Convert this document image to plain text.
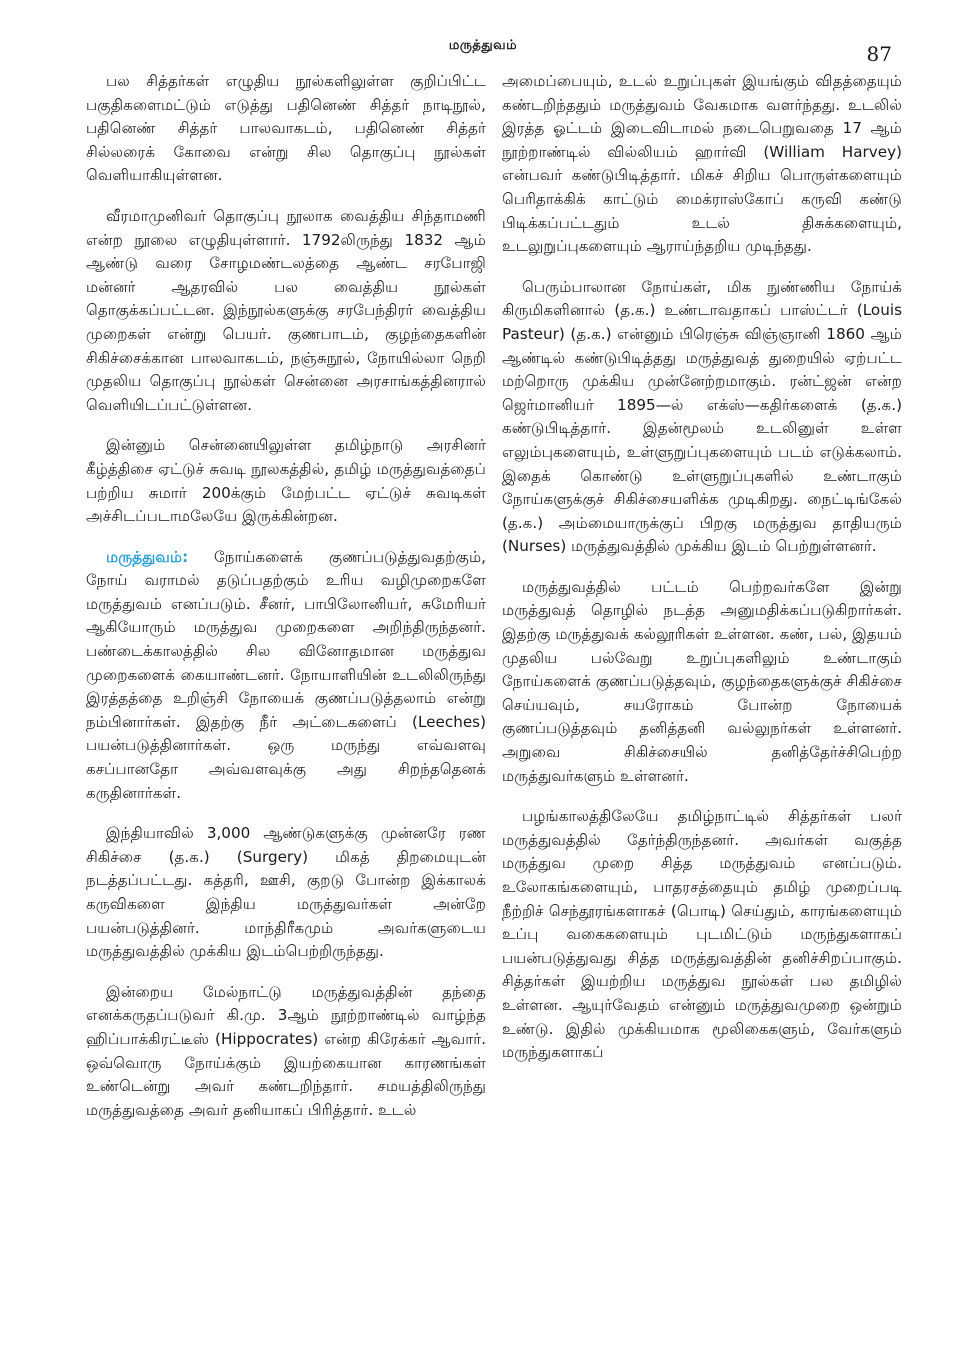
மருத்துவம்	87

பல சித்தர்கள் எழுதிய நூல்களிலுள்ள குறிப்பிட்ட பகுதிகளைமட்டும் எடுத்து பதினெண் சித்தர் நாடிநூல், பதினெண் சித்தர் பாலவாகடம், பதினெண் சித்தர் சில்லரைக் கோவை என்று சில தொகுப்பு நூல்கள் வெளியாகியுள்ளன.

வீரமாமுனிவர் தொகுப்பு நூலாக வைத்திய சிந்தாமணி என்ற நூலை எழுதியுள்ளார். 1792லிருந்து 1832 ஆம் ஆண்டு வரை சோழமண்டலத்தை ஆண்ட சரபோஜி மன்னர் ஆதரவில் பல வைத்திய நூல்கள் தொகுக்கப்பட்டன. இந்நூல்களுக்கு சரபேந்திரர் வைத்திய முறைகள் என்று பெயர். குணபாடம், குழந்தைகளின் சிகிச்சைக்கான பாலவாகடம், நஞ்சுநூல், நோயில்லா நெறி முதலிய தொகுப்பு நூல்கள் சென்னை அரசாங்கத்தினரால் வெளியிடப்பட்டுள்ளன.

இன்னும் சென்னையிலுள்ள தமிழ்நாடு அரசினர் கீழ்த்திசை ஏட்டுச் சுவடி நூலகத்தில், தமிழ் மருத்துவத்தைப் பற்றிய சுமார் 200க்கும் மேற்பட்ட ஏட்டுச் சுவடிகள் அச்சிடப்படாமலேயே இருக்கின்றன.

மருத்துவம்: நோய்களைக் குணப்படுத்துவதற்கும், நோய் வராமல் தடுப்பதற்கும் உரிய வழிமுறைகளே மருத்துவம் எனப்படும். சீனர், பாபிலோனியர், சுமேரியர் ஆகியோரும் மருத்துவ முறைகளை அறிந்திருந்தனர். பண்டைக்காலத்தில் சில வினோதமான மருத்துவ முறைகளைக் கையாண்டனர். நோயாளியின் உடலிலிருந்து இரத்தத்தை உறிஞ்சி நோயைக் குணப்படுத்தலாம் என்று நம்பினார்கள். இதற்கு நீர் அட்டைகளைப் (Leeches) பயன்படுத்தினார்கள். ஒரு மருந்து எவ்வளவு கசப்பானதோ அவ்வளவுக்கு அது சிறந்ததெனக் கருதினார்கள்.

இந்தியாவில் 3,000 ஆண்டுகளுக்கு முன்னரே ரண சிகிச்சை (த.க.) (Surgery) மிகத் திறமையுடன் நடத்தப்பட்டது. கத்தரி, ஊசி, குறடு போன்ற இக்காலக் கருவிகளை இந்திய மருத்துவர்கள் அன்றே பயன்படுத்தினர். மாந்திரீகமும் அவர்களுடைய மருத்துவத்தில் முக்கிய இடம்பெற்றிருந்தது.

இன்றைய மேல்நாட்டு மருத்துவத்தின் தந்தை எனக்கருதப்படுவர் கி.மு. 3ஆம் நூற்றாண்டில் வாழ்ந்த ஹிப்பாக்கிரட்டீஸ் (Hippocrates) என்ற கிரேக்கர் ஆவார். ஒவ்வொரு நோய்க்கும் இயற்கையான காரணங்கள் உண்டென்று அவர் கண்டறிந்தார். சமயத்திலிருந்து மருத்துவத்தை அவர் தனியாகப் பிரித்தார். உடல்

அமைப்பையும், உடல் உறுப்புகள் இயங்கும் விதத்தையும் கண்டறிந்ததும் மருத்துவம் வேகமாக வளர்ந்தது. உடலில் இரத்த ஓட்டம் இடைவிடாமல் நடைபெறுவதை 17 ஆம் நூற்றாண்டில் வில்லியம் ஹார்வி (William Harvey) என்பவர் கண்டுபிடித்தார். மிகச் சிறிய பொருள்களையும் பெரிதாக்கிக் காட்டும் மைக்ராஸ்கோப் கருவி கண்டு பிடிக்கப்பட்டதும் உடல் திசுக்களையும், உடலுறுப்புகளையும் ஆராய்ந்தறிய முடிந்தது.

பெரும்பாலான நோய்கள், மிக நுண்ணிய நோய்க் கிருமிகளினால் (த.க.) உண்டாவதாகப் பாஸ்ட்டர் (Louis Pasteur) (த.க.) என்னும் பிரெஞ்சு விஞ்ஞானி 1860 ஆம் ஆண்டில் கண்டுபிடித்தது மருத்துவத் துறையில் ஏற்பட்ட மற்றொரு முக்கிய முன்னேற்றமாகும். ரன்ட்ஜன் என்ற ஜெர்மானியர் 1895—ல் எக்ஸ்—கதிர்களைக் (த.க.) கண்டுபிடித்தார். இதன்மூலம் உடலினுள் உள்ள எலும்புகளையும், உள்ளுறுப்புகளையும் படம் எடுக்கலாம். இதைக் கொண்டு உள்ளுறுப்புகளில் உண்டாகும் நோய்களுக்குச் சிகிச்சையளிக்க முடிகிறது. நைட்டிங்கேல் (த.க.) அம்மையாருக்குப் பிறகு மருத்துவ தாதியரும் (Nurses) மருத்துவத்தில் முக்கிய இடம் பெற்றுள்ளனர்.

மருத்துவத்தில் பட்டம் பெற்றவர்களே இன்று மருத்துவத் தொழில் நடத்த அனுமதிக்கப்படுகிறார்கள். இதற்கு மருத்துவக் கல்லூரிகள் உள்ளன. கண், பல், இதயம் முதலிய பல்வேறு உறுப்புகளிலும் உண்டாகும் நோய்களைக் குணப்படுத்தவும், குழந்தைகளுக்குச் சிகிச்சை செய்யவும், சயரோகம் போன்ற நோயைக் குணப்படுத்தவும் தனித்தனி வல்லுநர்கள் உள்ளனர். அறுவை சிகிச்சையில் தனித்தேர்ச்சிபெற்ற மருத்துவர்களும் உள்ளனர்.

பழங்காலத்திலேயே தமிழ்நாட்டில் சித்தர்கள் பலர் மருத்துவத்தில் தேர்ந்திருந்தனர். அவர்கள் வகுத்த மருத்துவ முறை சித்த மருத்துவம் எனப்படும். உலோகங்களையும், பாதரசத்தையும் தமிழ் முறைப்படி நீற்றிச் செந்தூரங்களாகச் (பொடி) செய்தும், காரங்களையும் உப்பு வகைகளையும் புடமிட்டும் மருந்துகளாகப் பயன்படுத்துவது சித்த மருத்துவத்தின் தனிச்சிறப்பாகும். சித்தர்கள் இயற்றிய மருத்துவ நூல்கள் பல தமிழில் உள்ளன. ஆயுர்வேதம் என்னும் மருத்துவமுறை ஒன்றும் உண்டு. இதில் முக்கியமாக மூலிகைகளும், வேர்களும் மருந்துகளாகப்
